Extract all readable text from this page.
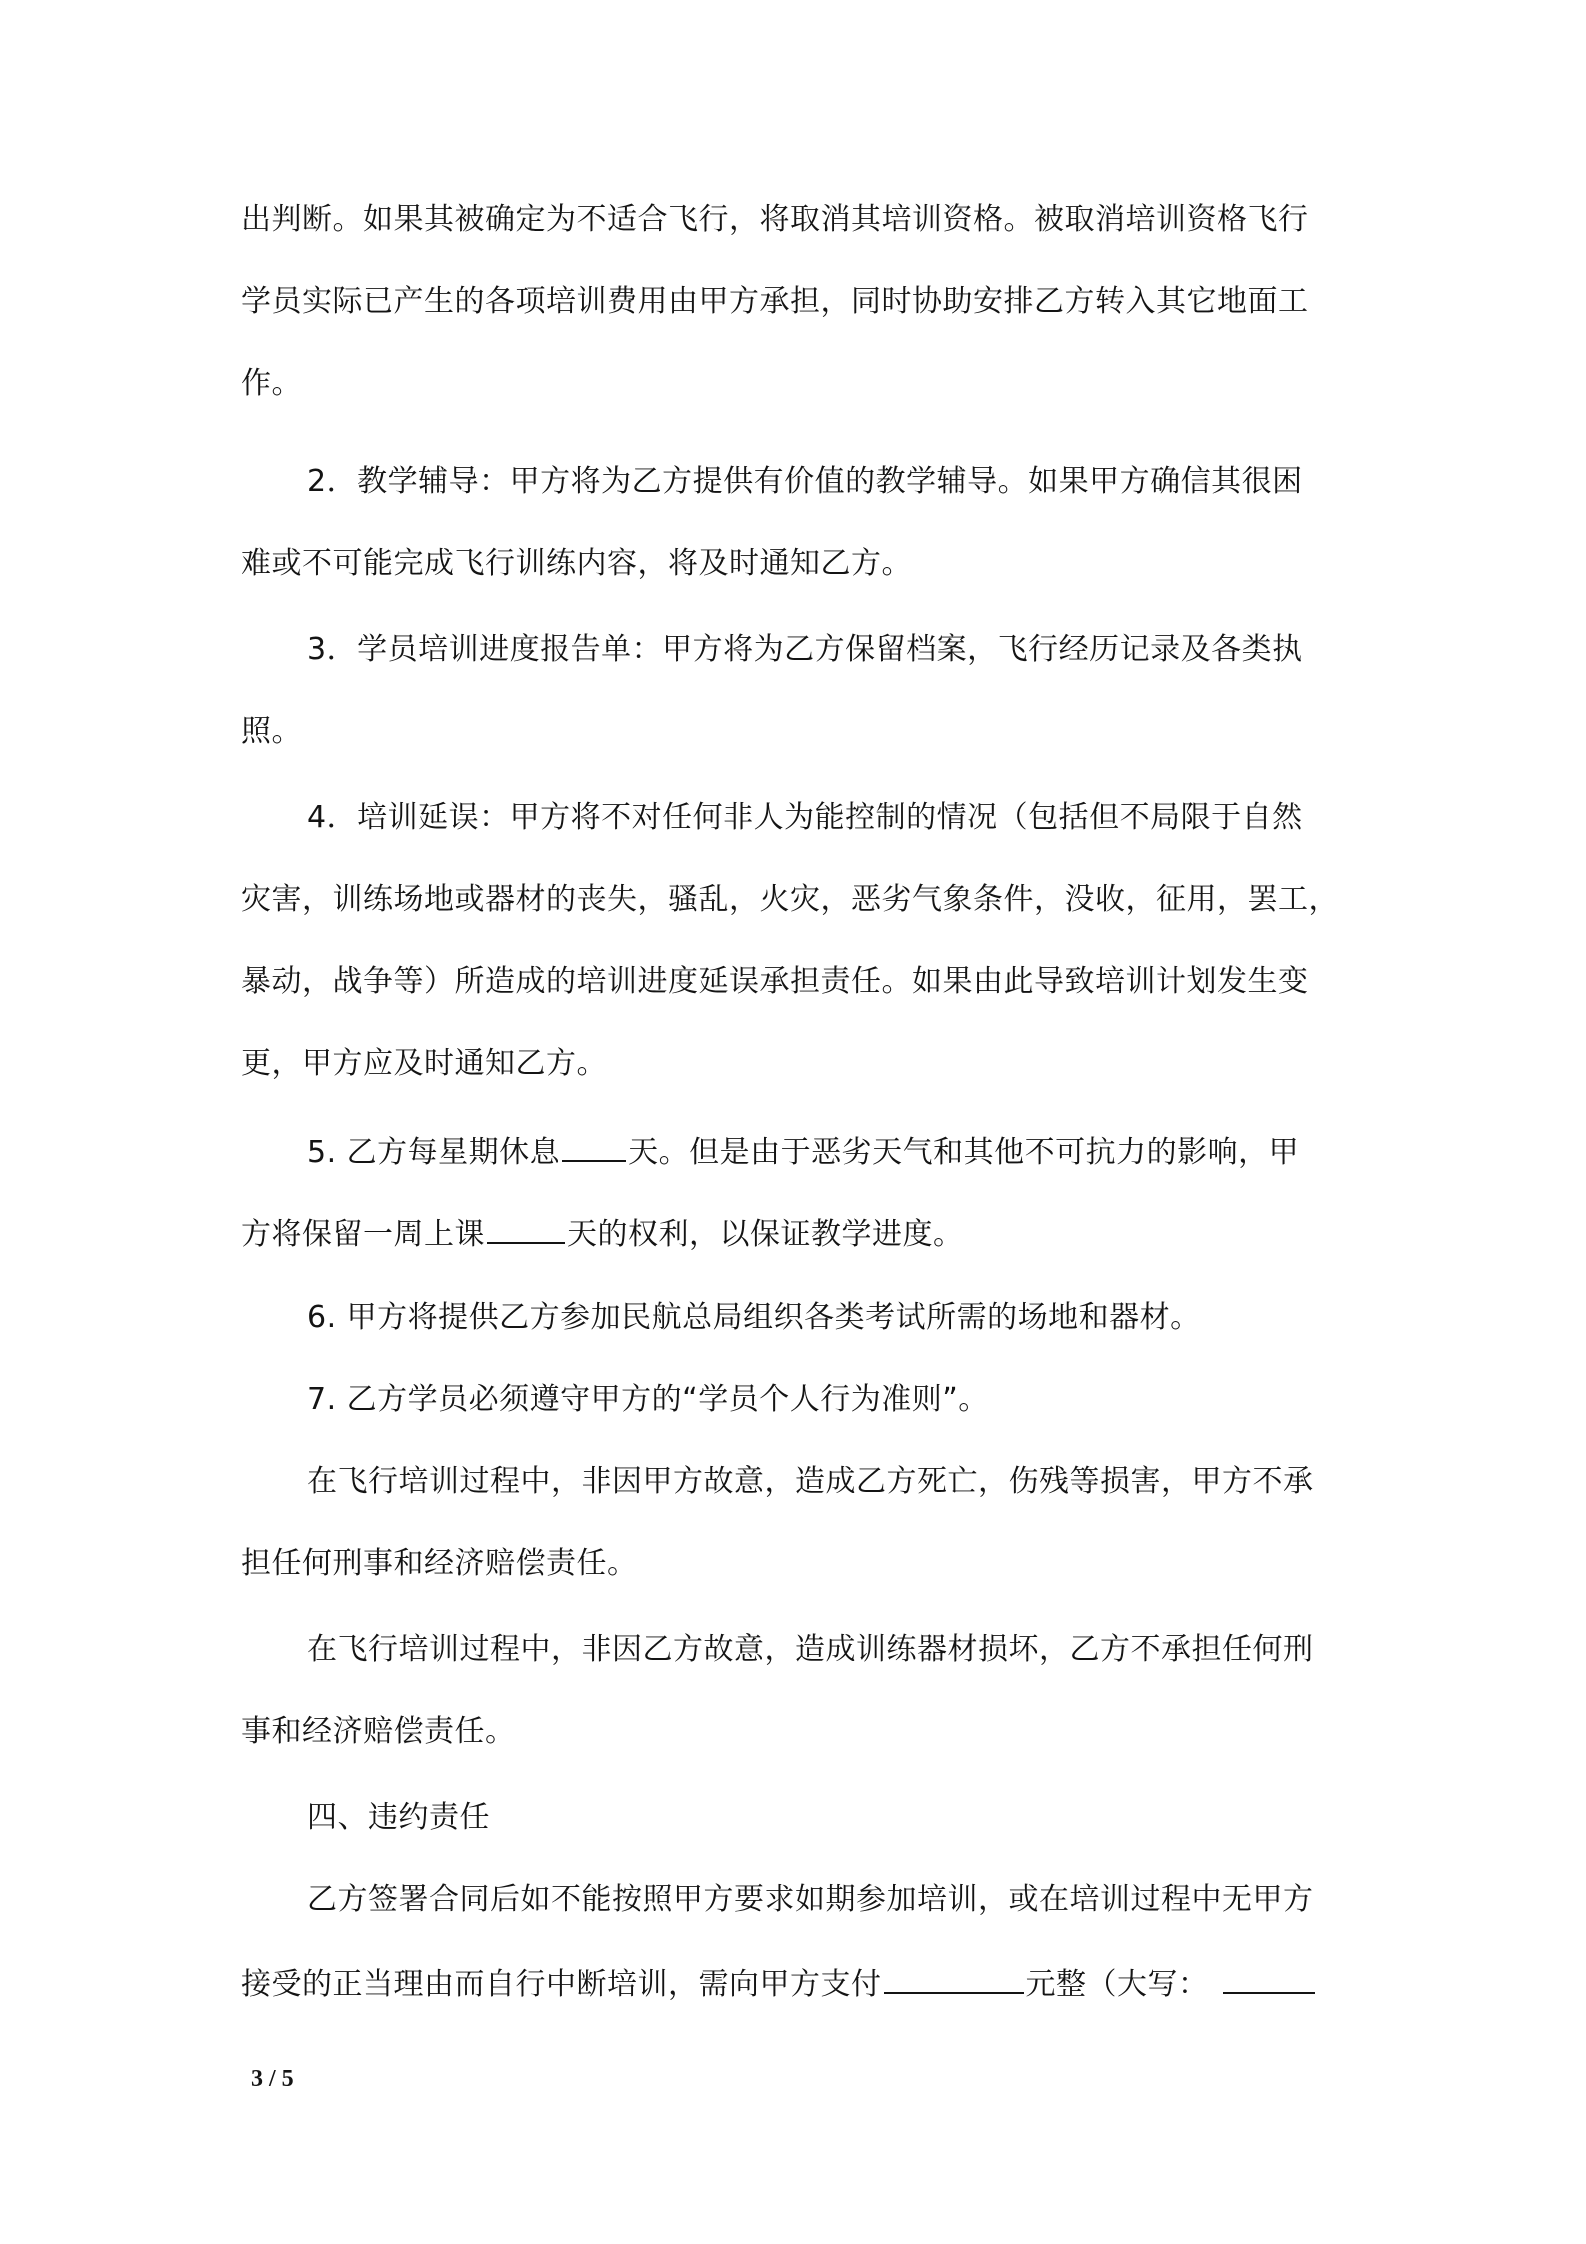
出判断。如果其被确定为不适合飞行，将取消其培训资格。被取消培训资格飞行
学员实际已产生的各项培训费用由甲方承担，同时协助安排乙方转入其它地面工
作。
2．教学辅导：甲方将为乙方提供有价值的教学辅导。如果甲方确信其很困
难或不可能完成飞行训练内容，将及时通知乙方。
3．学员培训进度报告单：甲方将为乙方保留档案，飞行经历记录及各类执
照。
4．培训延误：甲方将不对任何非人为能控制的情况（包括但不局限于自然
灾害，训练场地或器材的丧失，骚乱，火灾，恶劣气象条件，没收，征用，罢工，
暴动，战争等）所造成的培训进度延误承担责任。如果由此导致培训计划发生变
更，甲方应及时通知乙方。
5. 乙方每星期休息 天。但是由于恶劣天气和其他不可抗力的影响，甲
方将保留一周上课	天的权利，以保证教学进度。
6. 甲方将提供乙方参加民航总局组织各类考试所需的场地和器材。
7. 乙方学员必须遵守甲方的“学员个人行为准则”。
在飞行培训过程中，非因甲方故意，造成乙方死亡，伤残等损害，甲方不承
担任何刑事和经济赔偿责任。
在飞行培训过程中，非因乙方故意，造成训练器材损坏，乙方不承担任何刑
事和经济赔偿责任。
四、违约责任
乙方签署合同后如不能按照甲方要求如期参加培训，或在培训过程中无甲方
接受的正当理由而自行中断培训，需向甲方支付	元整（大写：
3 / 5
